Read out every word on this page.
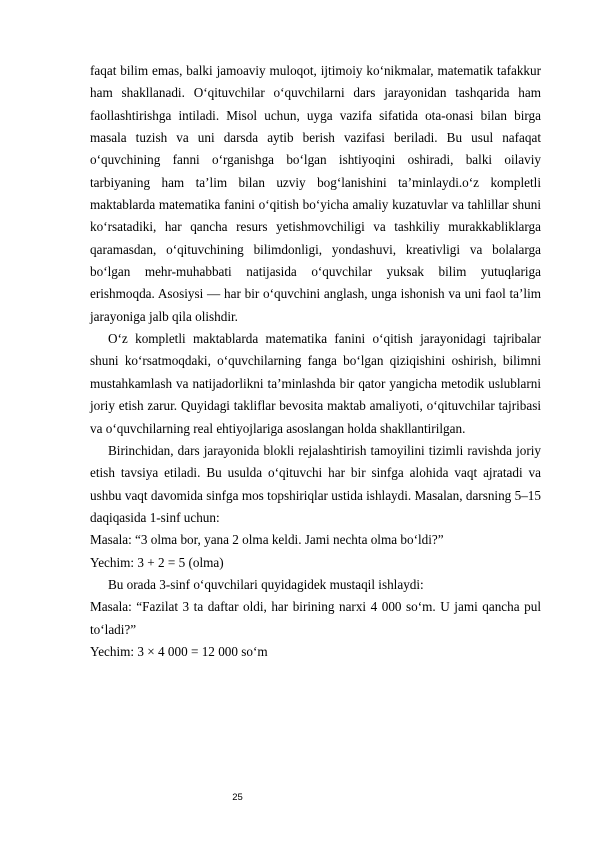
faqat bilim emas, balki jamoaviy muloqot, ijtimoiy ko‘nikmalar, matematik tafakkur ham shakllanadi. O‘qituvchilar o‘quvchilarni dars jarayonidan tashqarida ham faollashtirishga intiladi. Misol uchun, uyga vazifa sifatida ota-onasi bilan birga masala tuzish va uni darsda aytib berish vazifasi beriladi. Bu usul nafaqat o‘quvchining fanni o‘rganishga bo‘lgan ishtiyoqini oshiradi, balki oilaviy tarbiyaning ham ta’lim bilan uzviy bog‘lanishini ta’minlaydi.o‘z kompletli maktablarda matematika fanini o‘qitish bo‘yicha amaliy kuzatuvlar va tahlillar shuni ko‘rsatadiki, har qancha resurs yetishmovchiligi va tashkiliy murakkabliklarga qaramasdan, o‘qituvchining bilimdonligi, yondashuvi, kreativligi va bolalarga bo‘lgan mehr-muhabbati natijasida o‘quvchilar yuksak bilim yutuqlariga erishmoqda. Asosiysi — har bir o‘quvchini anglash, unga ishonish va uni faol ta’lim jarayoniga jalb qila olishdir.

O‘z kompletli maktablarda matematika fanini o‘qitish jarayonidagi tajribalar shuni ko‘rsatmoqdaki, o‘quvchilarning fanga bo‘lgan qiziqishini oshirish, bilimni mustahkamlash va natijadorlikni ta’minlashda bir qator yangicha metodik uslublarni joriy etish zarur. Quyidagi takliflar bevosita maktab amaliyoti, o‘qituvchilar tajribasi va o‘quvchilarning real ehtiyojlariga asoslangan holda shakllantirilgan.

Birinchidan, dars jarayonida blokli rejalashtirish tamoyilini tizimli ravishda joriy etish tavsiya etiladi. Bu usulda o‘qituvchi har bir sinfga alohida vaqt ajratadi va ushbu vaqt davomida sinfga mos topshiriqlar ustida ishlaydi. Masalan, darsning 5–15 daqiqasida 1-sinf uchun:

Masala: “3 olma bor, yana 2 olma keldi. Jami nechta olma bo‘ldi?”

Yechim: 3 + 2 = 5 (olma)

Bu orada 3-sinf o‘quvchilari quyidagidek mustaqil ishlaydi:

Masala: “Fazilat 3 ta daftar oldi, har birining narxi 4 000 so‘m. U jami qancha pul to‘ladi?”

Yechim: 3 × 4 000 = 12 000 so‘m

25
